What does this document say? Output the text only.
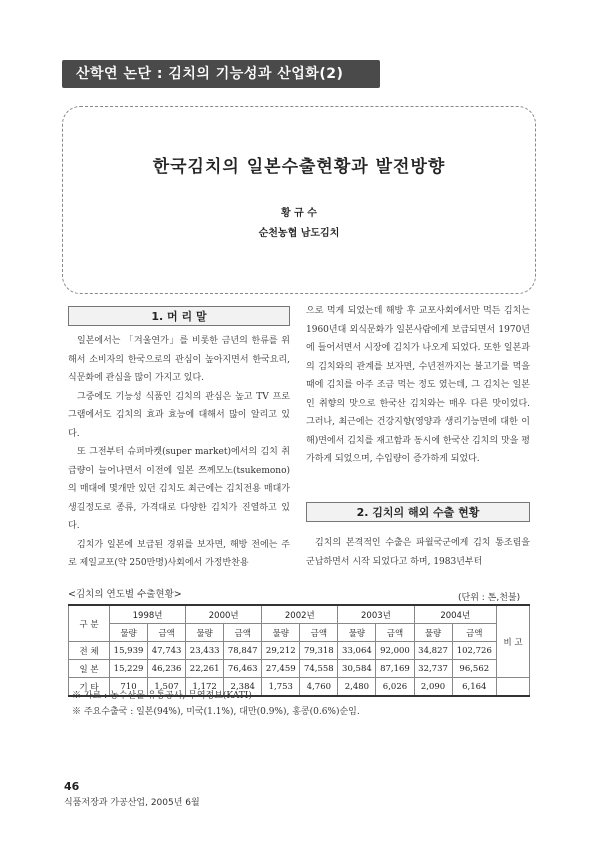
산학연 논단 : 김치의 기능성과 산업화(2)
한국김치의 일본수출현황과 발전방향
황 규 수
순천농협 남도김치
1. 머 리 말

일본에서는 「겨울연가」를 비롯한 금년의 한류를 위해서 소비자의 한국으로의 관심이 높아지면서 한국요리, 식문화에 관심을 많이 가지고 있다.

그중에도 기능성 식품인 김치의 관심은 높고 TV 프로그램에서도 김치의 효과 효능에 대해서 많이 알리고 있다.

또 그전부터 슈퍼마켓(super market)에서의 김치 취급량이 늘어나면서 이전에 일본 쯔께모노(tsukemono)의 매대에 몇개만 있던 김치도 최근에는 김치전용 매대가 생길정도로 종류, 가격대로 다양한 김치가 진열하고 있다.

김치가 일본에 보급된 경위를 보자면, 해방 전에는 주로 제일교포(약 250만명)사회에서 가정반찬용

으로 먹게 되었는데 해방 후 교포사회에서만 먹든 김치는 1960년대 외식문화가 일본사람에게 보급되면서 1970년에 들어서면서 시장에 김치가 나오게 되었다. 또한 일본과의 김치와의 관계를 보자면, 수년전까지는 불고기를 먹을 때에 김치를 아주 조금 먹는 정도 였는데, 그 김치는 일본인 취향의 맛으로 한국산 김치와는 매우 다른 맛이었다. 그러나, 최근에는 건강지향(영양과 생리기능면에 대한 이해)면에서 김치를 재고함과 동시에 한국산 김치의 맛을 평가하게 되었으며, 수입량이 증가하게 되었다.

2. 김치의 해외 수출 현황

김치의 본격적인 수출은 파월국군에게 김치 통조림을 군납하면서 시작 되었다고 하며, 1983년부터

<김치의 연도별 수출현황>	(단위 : 톤,천불)
구 분	1998년		2000년		2002년		2003년		2004년		비 고
	물량	금액	물량	금액	물량	금액	물량	금액	물량	금액	
전 체	15,939	47,743	23,433	78,847	29,212	79,318	33,064	92,000	34,827	102,726	
일 본	15,229	46,236	22,261	76,463	27,459	74,558	30,584	87,169	32,737	96,562	
기 타	710	1,507	1,172	2,384	1,753	4,760	2,480	6,026	2,090	6,164	
※ 자료 : 농수산물 유통공사, 무역정보(KATI)
※ 주요수출국 : 일본(94%), 미국(1.1%), 대만(0.9%), 홍콩(0.6%)순임.
46
식품저장과 가공산업, 2005년 6월
